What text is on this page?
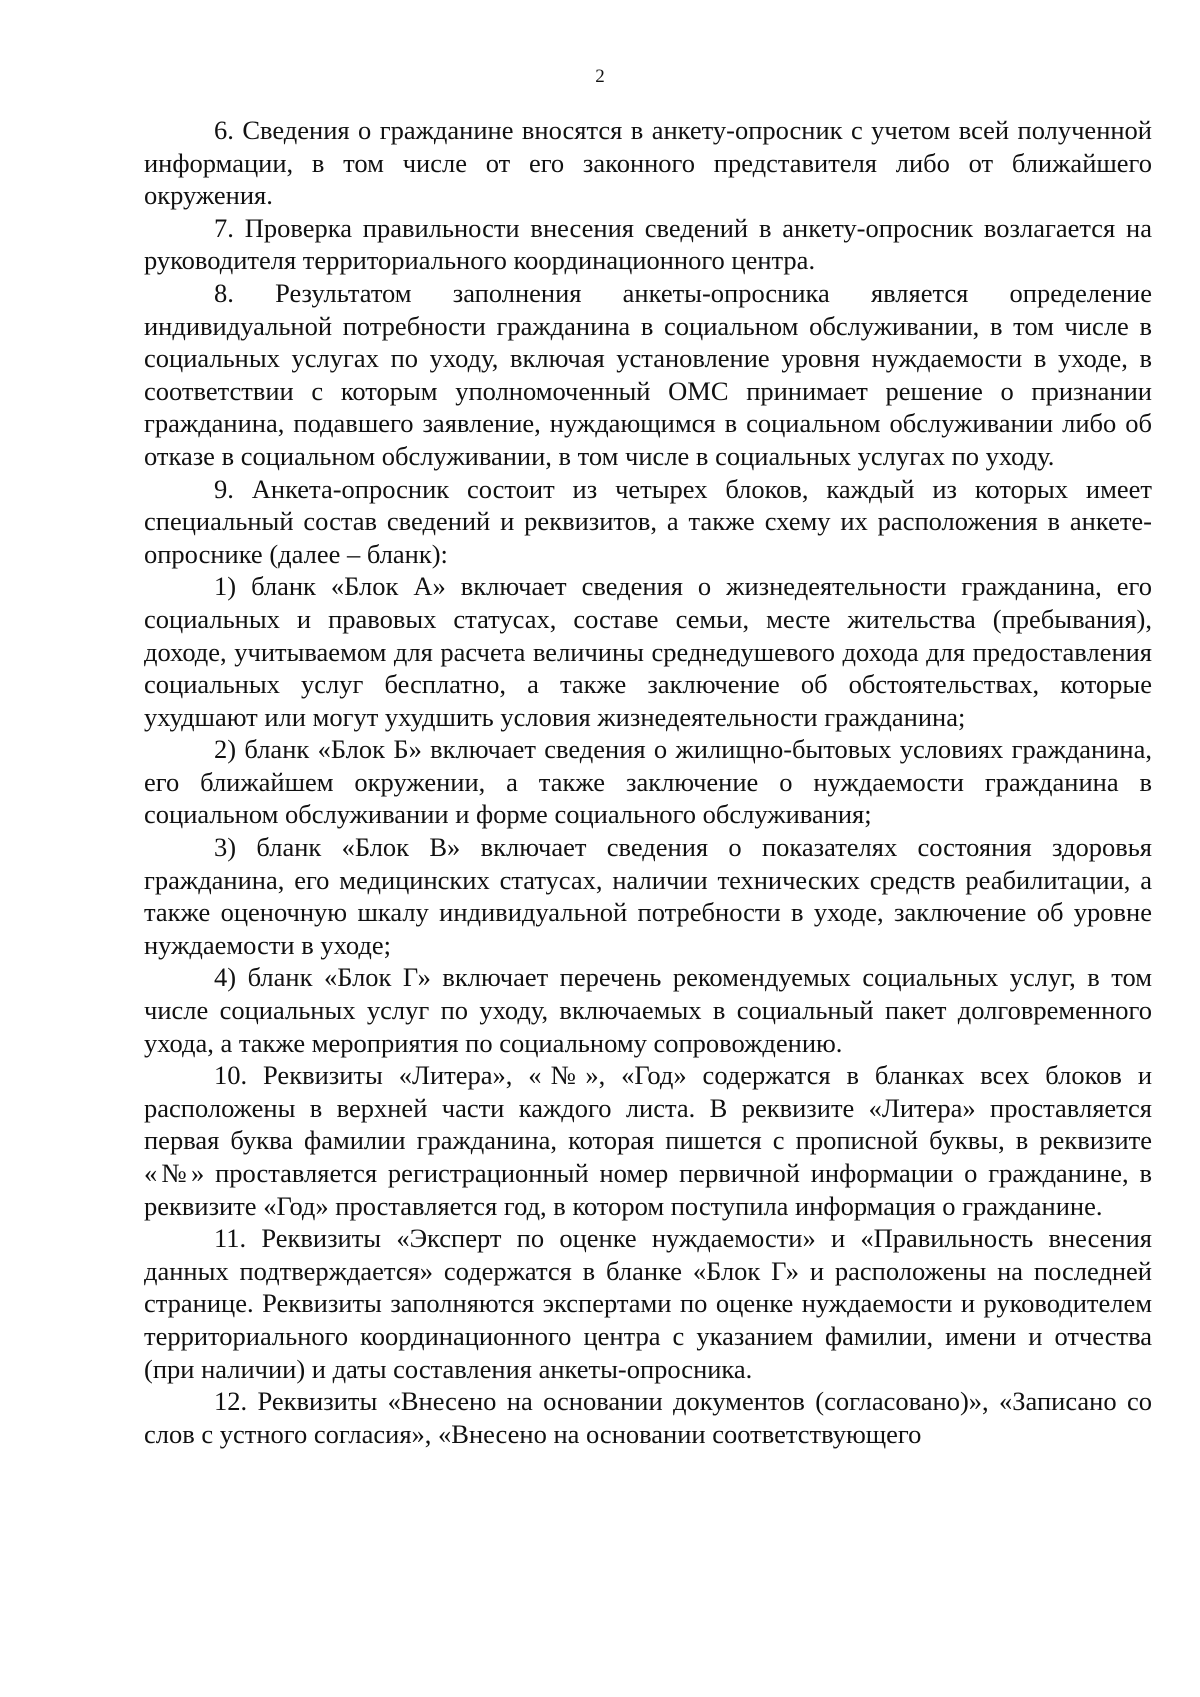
2

6. Сведения о гражданине вносятся в анкету-опросник с учетом всей полученной информации, в том числе от его законного представителя либо от ближайшего окружения.

7. Проверка правильности внесения сведений в анкету-опросник возлагается на руководителя территориального координационного центра.

8. Результатом заполнения анкеты-опросника является определение индивидуальной потребности гражданина в социальном обслуживании, в том числе в социальных услугах по уходу, включая установление уровня нуждаемости в уходе, в соответствии с которым уполномоченный ОМС принимает решение о признании гражданина, подавшего заявление, нуждающимся в социальном обслуживании либо об отказе в социальном обслуживании, в том числе в социальных услугах по уходу.

9. Анкета-опросник состоит из четырех блоков, каждый из которых имеет специальный состав сведений и реквизитов, а также схему их расположения в анкете-опроснике (далее – бланк):

1) бланк «Блок А» включает сведения о жизнедеятельности гражданина, его социальных и правовых статусах, составе семьи, месте жительства (пребывания), доходе, учитываемом для расчета величины среднедушевого дохода для предоставления социальных услуг бесплатно, а также заключение об обстоятельствах, которые ухудшают или могут ухудшить условия жизнедеятельности гражданина;

2) бланк «Блок Б» включает сведения о жилищно-бытовых условиях гражданина, его ближайшем окружении, а также заключение о нуждаемости гражданина в социальном обслуживании и форме социального обслуживания;

3) бланк «Блок В» включает сведения о показателях состояния здоровья гражданина, его медицинских статусах, наличии технических средств реабилитации, а также оценочную шкалу индивидуальной потребности в уходе, заключение об уровне нуждаемости в уходе;

4) бланк «Блок Г» включает перечень рекомендуемых социальных услуг, в том числе социальных услуг по уходу, включаемых в социальный пакет долговременного ухода, а также мероприятия по социальному сопровождению.

10. Реквизиты «Литера», «№», «Год» содержатся в бланках всех блоков и расположены в верхней части каждого листа. В реквизите «Литера» проставляется первая буква фамилии гражданина, которая пишется с прописной буквы, в реквизите «№» проставляется регистрационный номер первичной информации о гражданине, в реквизите «Год» проставляется год, в котором поступила информация о гражданине.

11. Реквизиты «Эксперт по оценке нуждаемости» и «Правильность внесения данных подтверждается» содержатся в бланке «Блок Г» и расположены на последней странице. Реквизиты заполняются экспертами по оценке нуждаемости и руководителем территориального координационного центра с указанием фамилии, имени и отчества (при наличии) и даты составления анкеты-опросника.

12. Реквизиты «Внесено на основании документов (согласовано)», «Записано со слов с устного согласия», «Внесено на основании соответствующего
